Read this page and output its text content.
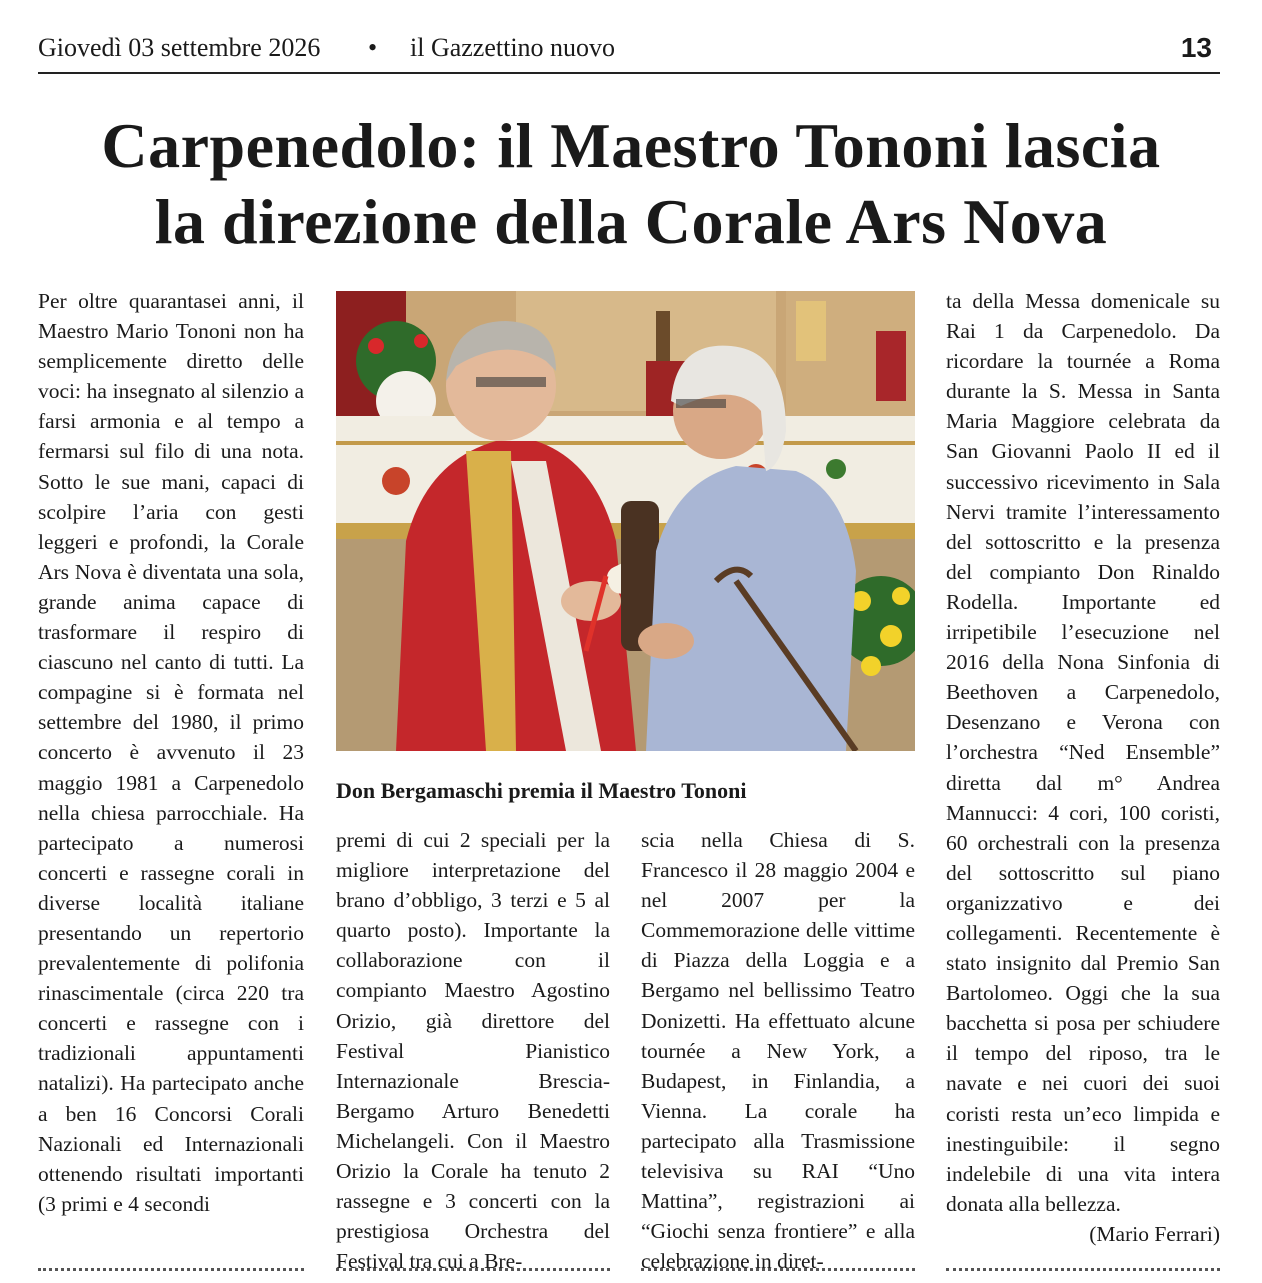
Giovedì 03 settembre 2026 • il Gazzettino nuovo	13
Carpenedolo: il Maestro Tononi lascia
la direzione della Corale Ars Nova

Per oltre quarantasei anni, il Maestro Mario Tononi non ha semplicemente diretto delle voci: ha insegnato al silenzio a farsi armonia e al tempo a fermarsi sul filo di una nota. Sotto le sue mani, capaci di scolpire l’aria con gesti leggeri e profondi, la Corale Ars Nova è diventata una sola, grande anima capace di trasformare il respiro di ciascuno nel canto di tutti. La compagine si è formata nel settembre del 1980, il primo concerto è avvenuto il 23 maggio 1981 a Carpenedolo nella chiesa parrocchiale. Ha partecipato a numerosi concerti e rassegne corali in diverse località italiane presentando un repertorio prevalentemente di polifonia rinascimentale (circa 220 tra concerti e rassegne con i tradizionali appuntamenti natalizi). Ha partecipato anche a ben 16 Concorsi Corali Nazionali ed Internazionali ottenendo risultati importanti (3 primi e 4 secondi

Don Bergamaschi premia il Maestro Tononi

premi di cui 2 speciali per la migliore interpretazione del brano d’obbligo, 3 terzi e 5 al quarto posto). Importante la collaborazione con il compianto Maestro Agostino Orizio, già direttore del Festival Pianistico Internazionale Brescia-Bergamo Arturo Benedetti Michelangeli. Con il Maestro Orizio la Corale ha tenuto 2 rassegne e 3 concerti con la prestigiosa Orchestra del Festival tra cui a Bre-

scia nella Chiesa di S. Francesco il 28 maggio 2004 e nel 2007 per la Commemorazione delle vittime di Piazza della Loggia e a Bergamo nel bellissimo Teatro Donizetti. Ha effettuato alcune tournée a New York, a Budapest, in Finlandia, a Vienna. La corale ha partecipato alla Trasmissione televisiva su RAI “Uno Mattina”, registrazioni ai “Giochi senza frontiere” e alla celebrazione in diret-

ta della Messa domenicale su Rai 1 da Carpenedolo. Da ricordare la tournée a Roma durante la S. Messa in Santa Maria Maggiore celebrata da San Giovanni Paolo II ed il successivo ricevimento in Sala Nervi tramite l’interessamento del sottoscritto e la presenza del compianto Don Rinaldo Rodella. Importante ed irripetibile l’esecuzione nel 2016 della Nona Sinfonia di Beethoven a Carpenedolo, Desenzano e Verona con l’orchestra “Ned Ensemble” diretta dal m° Andrea Mannucci: 4 cori, 100 coristi, 60 orchestrali con la presenza del sottoscritto sul piano organizzativo e dei collegamenti. Recentemente è stato insignito dal Premio San Bartolomeo. Oggi che la sua bacchetta si posa per schiudere il tempo del riposo, tra le navate e nei cuori dei suoi coristi resta un’eco limpida e inestinguibile: il segno indelebile di una vita intera donata alla bellezza.

(Mario Ferrari)
